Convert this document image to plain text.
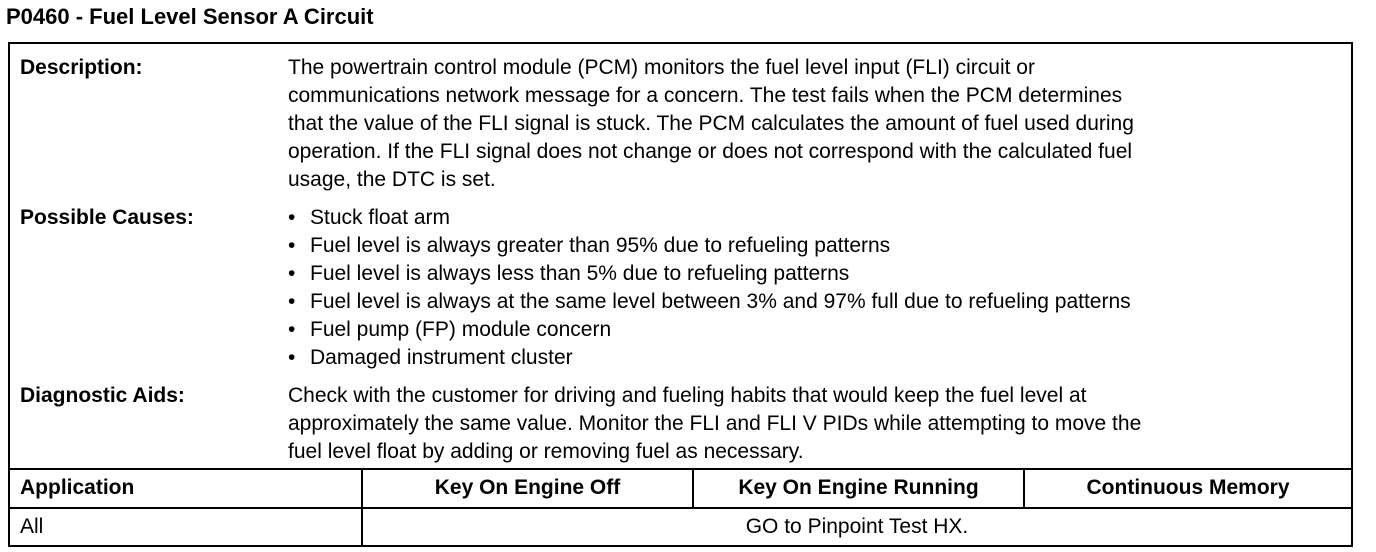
P0460 - Fuel Level Sensor A Circuit
Description:	The powertrain control module (PCM) monitors the fuel level input (FLI) circuit or
communications network message for a concern. The test fails when the PCM determines
that the value of the FLI signal is stuck. The PCM calculates the amount of fuel used during
operation. If the FLI signal does not change or does not correspond with the calculated fuel
usage, the DTC is set.
Possible Causes:	• Stuck float arm
• Fuel level is always greater than 95% due to refueling patterns
• Fuel level is always less than 5% due to refueling patterns
• Fuel level is always at the same level between 3% and 97% full due to refueling patterns
• Fuel pump (FP) module concern
• Damaged instrument cluster
Diagnostic Aids:	Check with the customer for driving and fueling habits that would keep the fuel level at
approximately the same value. Monitor the FLI and FLI V PIDs while attempting to move the
fuel level float by adding or removing fuel as necessary.
Application	Key On Engine Off	Key On Engine Running	Continuous Memory
All	GO to Pinpoint Test HX.		
